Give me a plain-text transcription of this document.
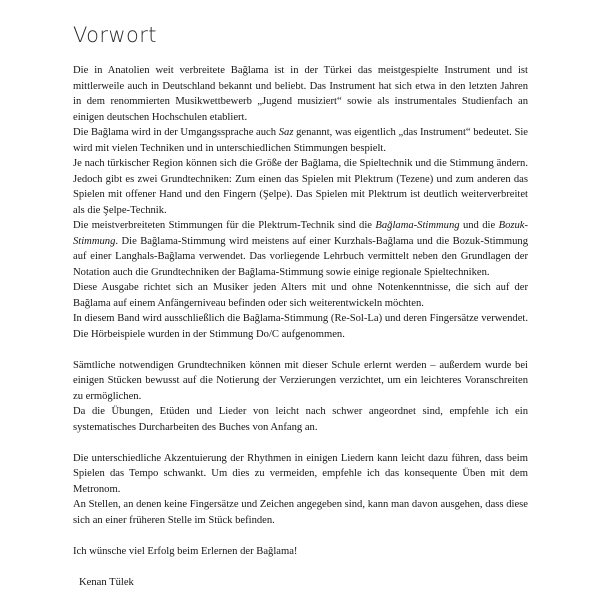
Vorwort

Die in Anatolien weit verbreitete Bağlama ist in der Türkei das meistgespielte Instrument und ist mittlerweile auch in Deutschland bekannt und beliebt. Das Instrument hat sich etwa in den letzten Jahren in dem renommierten Musikwettbewerb „Jugend musiziert“ sowie als instrumentales Studienfach an einigen deutschen Hochschulen etabliert.

Die Bağlama wird in der Umgangssprache auch Saz genannt, was eigentlich „das Instrument“ bedeutet. Sie wird mit vielen Techniken und in unterschiedlichen Stimmungen bespielt.

Je nach türkischer Region können sich die Größe der Bağlama, die Spieltechnik und die Stimmung ändern. Jedoch gibt es zwei Grundtechniken: Zum einen das Spielen mit Plektrum (Tezene) und zum anderen das Spielen mit offener Hand und den Fingern (Şelpe). Das Spielen mit Plektrum ist deutlich weiterverbreitet als die Şelpe-Technik.

Die meistverbreiteten Stimmungen für die Plektrum-Technik sind die Bağlama-Stimmung und die Bozuk-Stimmung. Die Bağlama-Stimmung wird meistens auf einer Kurzhals-Bağlama und die Bozuk-Stimmung auf einer Langhals-Bağlama verwendet. Das vorliegende Lehrbuch vermittelt neben den Grundlagen der Notation auch die Grundtechniken der Bağlama-Stimmung sowie einige regionale Spieltechniken.

Diese Ausgabe richtet sich an Musiker jeden Alters mit und ohne Notenkenntnisse, die sich auf der Bağlama auf einem Anfängerniveau befinden oder sich weiterentwickeln möchten.

In diesem Band wird ausschließlich die Bağlama-Stimmung (Re-Sol-La) und deren Fingersätze verwendet. Die Hörbeispiele wurden in der Stimmung Do/C aufgenommen.

Sämtliche notwendigen Grundtechniken können mit dieser Schule erlernt werden – außerdem wurde bei einigen Stücken bewusst auf die Notierung der Verzierungen verzichtet, um ein leichteres Voranschreiten zu ermöglichen.

Da die Übungen, Etüden und Lieder von leicht nach schwer angeordnet sind, empfehle ich ein systematisches Durcharbeiten des Buches von Anfang an.

Die unterschiedliche Akzentuierung der Rhythmen in einigen Liedern kann leicht dazu führen, dass beim Spielen das Tempo schwankt. Um dies zu vermeiden, empfehle ich das konsequente Üben mit dem Metronom.

An Stellen, an denen keine Fingersätze und Zeichen angegeben sind, kann man davon ausgehen, dass diese sich an einer früheren Stelle im Stück befinden.

Ich wünsche viel Erfolg beim Erlernen der Bağlama!

Kenan Tülek
